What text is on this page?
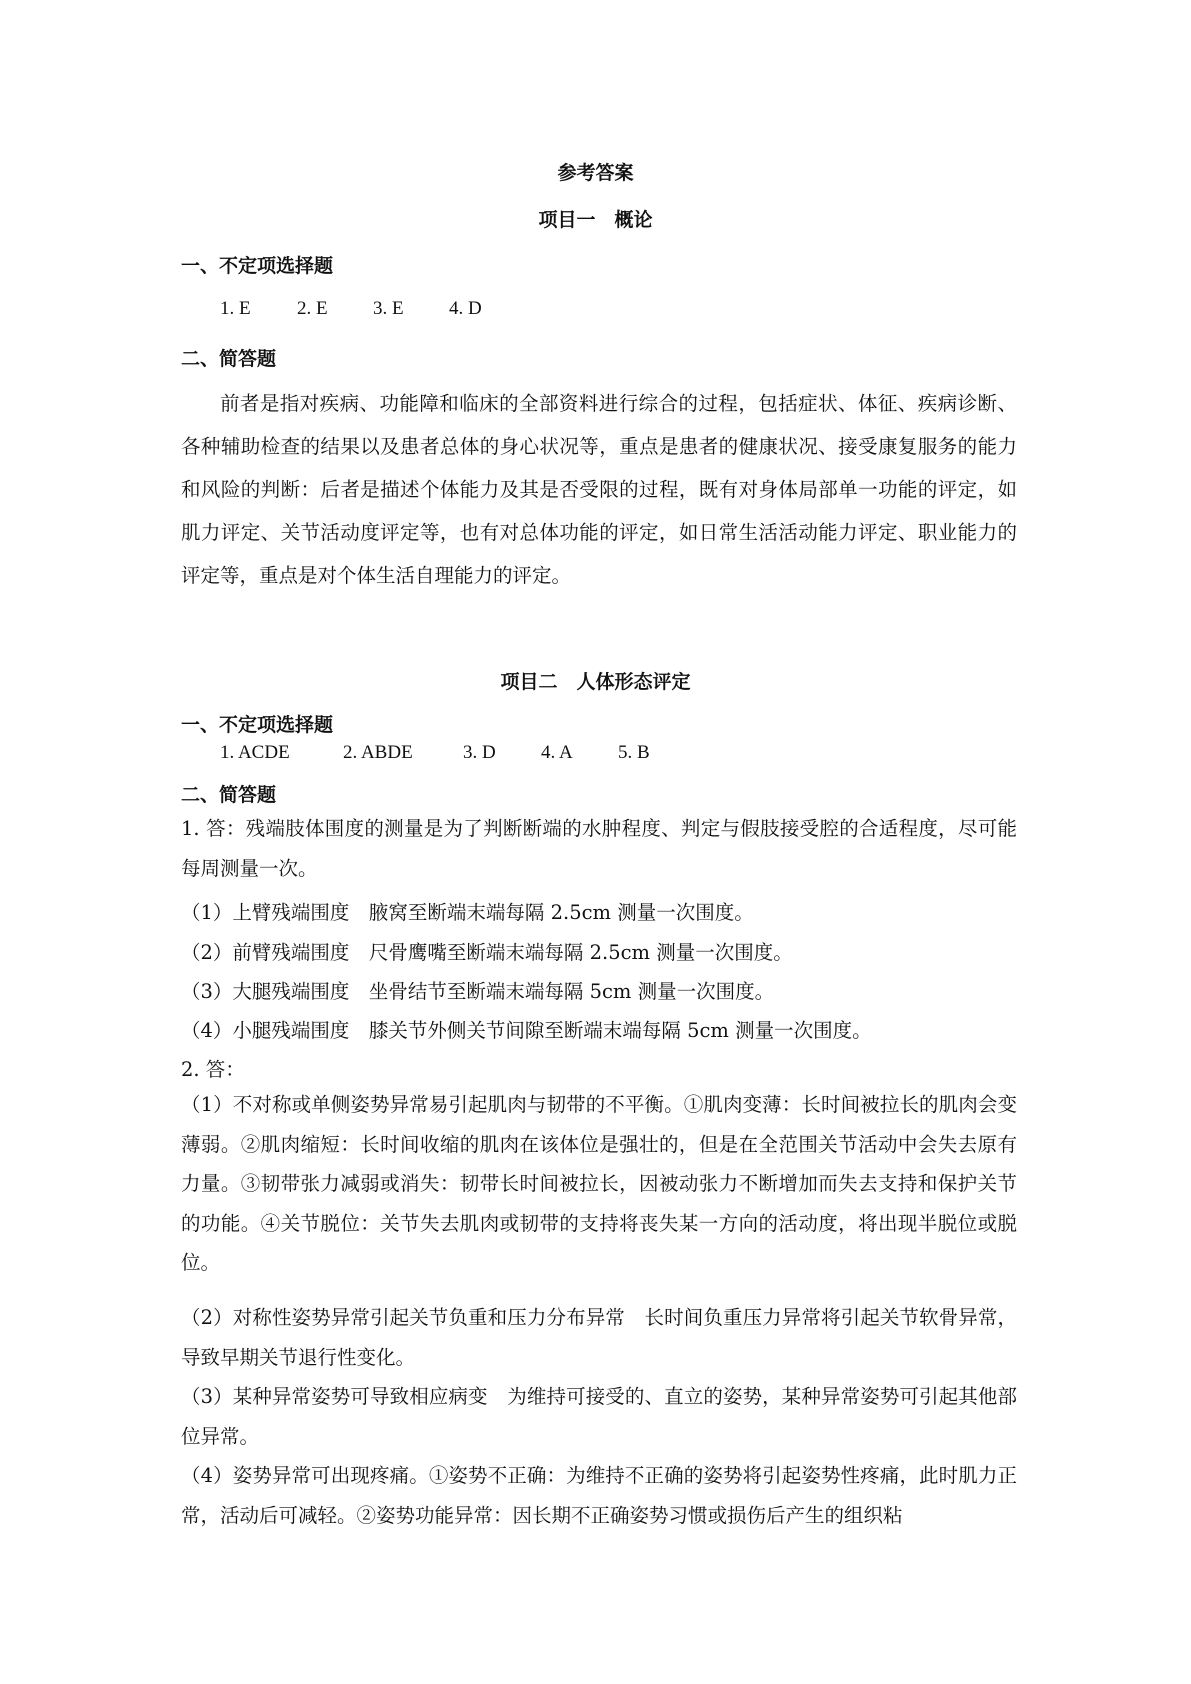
参考答案
项目一　概论
一、不定项选择题
1. E 2. E 3. E 4. D
二、简答题
前者是指对疾病、功能障和临床的全部资料进行综合的过程，包括症状、体征、疾病诊断、各种辅助检查的结果以及患者总体的身心状况等，重点是患者的健康状况、接受康复服务的能力和风险的判断：后者是描述个体能力及其是否受限的过程，既有对身体局部单一功能的评定，如肌力评定、关节活动度评定等，也有对总体功能的评定，如日常生活活动能力评定、职业能力的评定等，重点是对个体生活自理能力的评定。
项目二　人体形态评定
一、不定项选择题
1. ACDE	2. ABDE	3. D 4. A 5. B
二、简答题
1. 答：残端肢体围度的测量是为了判断断端的水肿程度、判定与假肢接受腔的合适程度，尽可能每周测量一次。
（1）上臂残端围度　腋窝至断端末端每隔 2.5cm 测量一次围度。
（2）前臂残端围度　尺骨鹰嘴至断端末端每隔 2.5cm 测量一次围度。
（3）大腿残端围度　坐骨结节至断端末端每隔 5cm 测量一次围度。
（4）小腿残端围度　膝关节外侧关节间隙至断端末端每隔 5cm 测量一次围度。
2. 答：
（1）不对称或单侧姿势异常易引起肌肉与韧带的不平衡。①肌肉变薄：长时间被拉长的肌肉会变薄弱。②肌肉缩短：长时间收缩的肌肉在该体位是强壮的，但是在全范围关节活动中会失去原有力量。③韧带张力减弱或消失：韧带长时间被拉长，因被动张力不断增加而失去支持和保护关节的功能。④关节脱位：关节失去肌肉或韧带的支持将丧失某一方向的活动度，将出现半脱位或脱位。
（2）对称性姿势异常引起关节负重和压力分布异常　长时间负重压力异常将引起关节软骨异常，导致早期关节退行性变化。
（3）某种异常姿势可导致相应病变　为维持可接受的、直立的姿势，某种异常姿势可引起其他部位异常。
（4）姿势异常可出现疼痛。①姿势不正确：为维持不正确的姿势将引起姿势性疼痛，此时肌力正常，活动后可减轻。②姿势功能异常：因长期不正确姿势习惯或损伤后产生的组织粘
